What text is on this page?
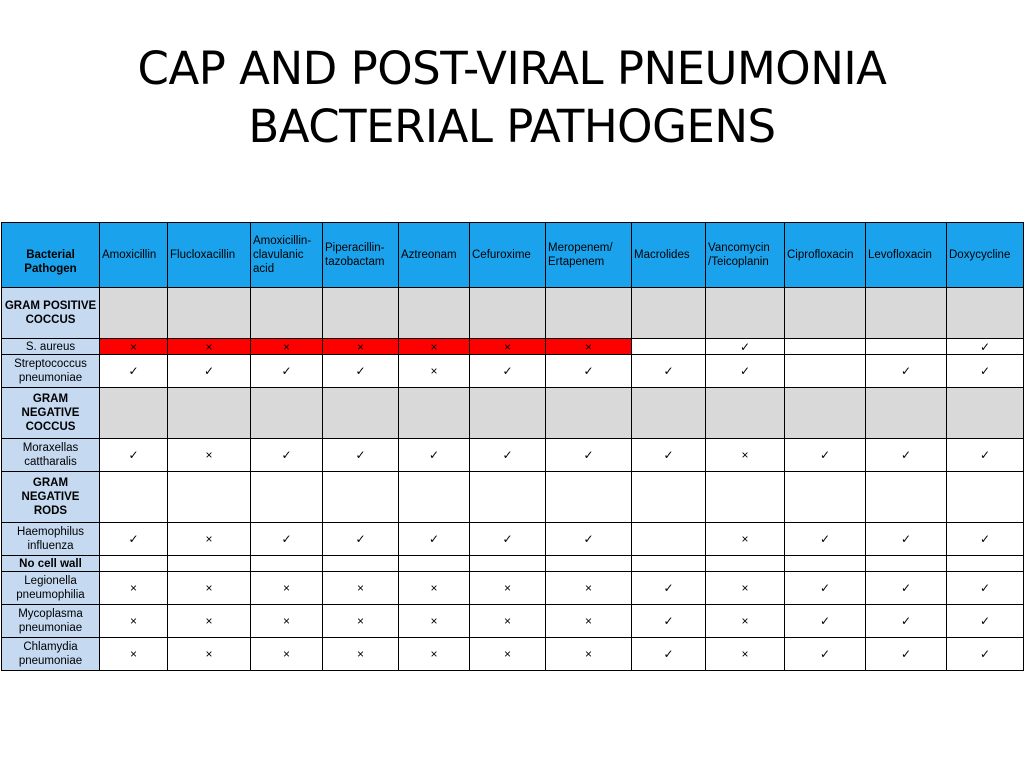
CAP AND POST-VIRAL PNEUMONIA
BACTERIAL PATHOGENS
Bacterial Pathogen	Amoxicillin	Flucloxacillin	Amoxicillin-clavulanic acid	Piperacillin-tazobactam	Aztreonam	Cefuroxime	Meropenem/ Ertapenem	Macrolides	Vancomycin /Teicoplanin	Ciprofloxacin	Levofloxacin	Doxycycline
GRAM POSITIVE COCCUS												
S. aureus	×	×	×	×	×	×	×		✓			✓
Streptococcus pneumoniae	✓	✓	✓	✓	×	✓	✓	✓	✓		✓	✓
GRAM NEGATIVE COCCUS												
Moraxellas cattharalis	✓	×	✓	✓	✓	✓	✓	✓	×	✓	✓	✓
GRAM NEGATIVE RODS												
Haemophilus influenza	✓	×	✓	✓	✓	✓	✓		×	✓	✓	✓
No cell wall												
Legionella pneumophilia	×	×	×	×	×	×	×	✓	×	✓	✓	✓
Mycoplasma pneumoniae	×	×	×	×	×	×	×	✓	×	✓	✓	✓
Chlamydia pneumoniae	×	×	×	×	×	×	×	✓	×	✓	✓	✓
